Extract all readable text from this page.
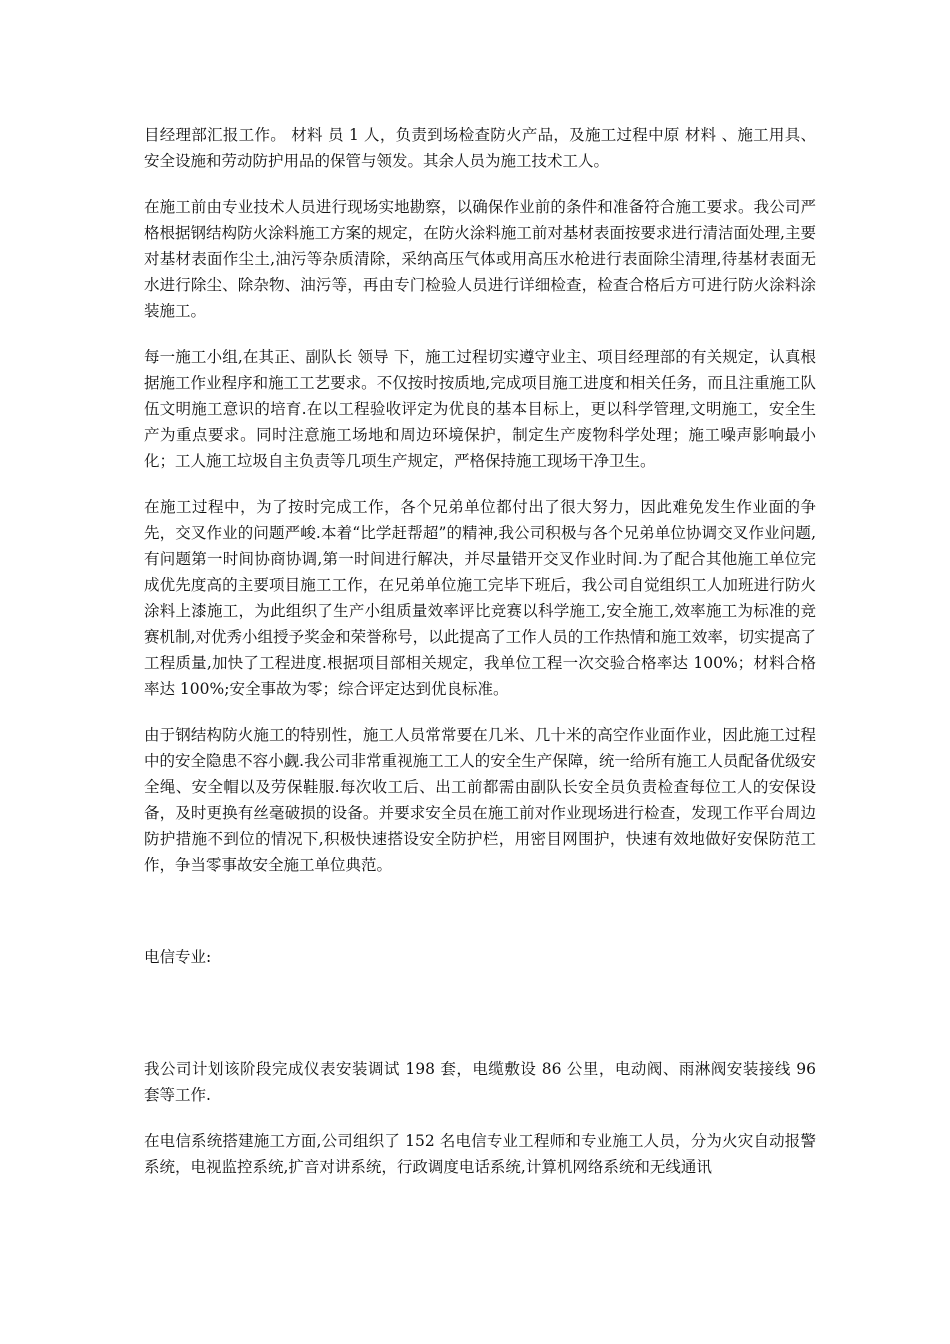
目经理部汇报工作。 材料 员 1 人，负责到场检查防火产品，及施工过程中原 材料 、施工用具、安全设施和劳动防护用品的保管与领发。其余人员为施工技术工人。

在施工前由专业技术人员进行现场实地勘察，以确保作业前的条件和准备符合施工要求。我公司严格根据钢结构防火涂料施工方案的规定，在防火涂料施工前对基材表面按要求进行清洁面处理,主要对基材表面作尘土,油污等杂质清除，采纳高压气体或用高压水枪进行表面除尘清理,待基材表面无水进行除尘、除杂物、油污等，再由专门检验人员进行详细检查，检查合格后方可进行防火涂料涂装施工。

每一施工小组,在其正、副队长 领导 下，施工过程切实遵守业主、项目经理部的有关规定，认真根据施工作业程序和施工工艺要求。不仅按时按质地,完成项目施工进度和相关任务，而且注重施工队伍文明施工意识的培育.在以工程验收评定为优良的基本目标上，更以科学管理,文明施工，安全生产为重点要求。同时注意施工场地和周边环境保护，制定生产废物科学处理；施工噪声影响最小化；工人施工垃圾自主负责等几项生产规定，严格保持施工现场干净卫生。

在施工过程中，为了按时完成工作，各个兄弟单位都付出了很大努力，因此难免发生作业面的争先，交叉作业的问题严峻.本着“比学赶帮超”的精神,我公司积极与各个兄弟单位协调交叉作业问题,有问题第一时间协商协调,第一时间进行解决，并尽量错开交叉作业时间.为了配合其他施工单位完成优先度高的主要项目施工工作，在兄弟单位施工完毕下班后，我公司自觉组织工人加班进行防火涂料上漆施工，为此组织了生产小组质量效率评比竞赛以科学施工,安全施工,效率施工为标准的竞赛机制,对优秀小组授予奖金和荣誉称号，以此提高了工作人员的工作热情和施工效率，切实提高了工程质量,加快了工程进度.根据项目部相关规定，我单位工程一次交验合格率达 100%；材料合格率达 100%;安全事故为零；综合评定达到优良标准。

由于钢结构防火施工的特别性，施工人员常常要在几米、几十米的高空作业面作业，因此施工过程中的安全隐患不容小觑.我公司非常重视施工工人的安全生产保障，统一给所有施工人员配备优级安全绳、安全帽以及劳保鞋服.每次收工后、出工前都需由副队长安全员负责检查每位工人的安保设备，及时更换有丝毫破损的设备。并要求安全员在施工前对作业现场进行检查，发现工作平台周边防护措施不到位的情况下,积极快速搭设安全防护栏，用密目网围护，快速有效地做好安保防范工作，争当零事故安全施工单位典范。

电信专业:

我公司计划该阶段完成仪表安装调试 198 套，电缆敷设 86 公里，电动阀、雨淋阀安装接线 96 套等工作.

在电信系统搭建施工方面,公司组织了 152 名电信专业工程师和专业施工人员，分为火灾自动报警系统，电视监控系统,扩音对讲系统，行政调度电话系统,计算机网络系统和无线通讯
